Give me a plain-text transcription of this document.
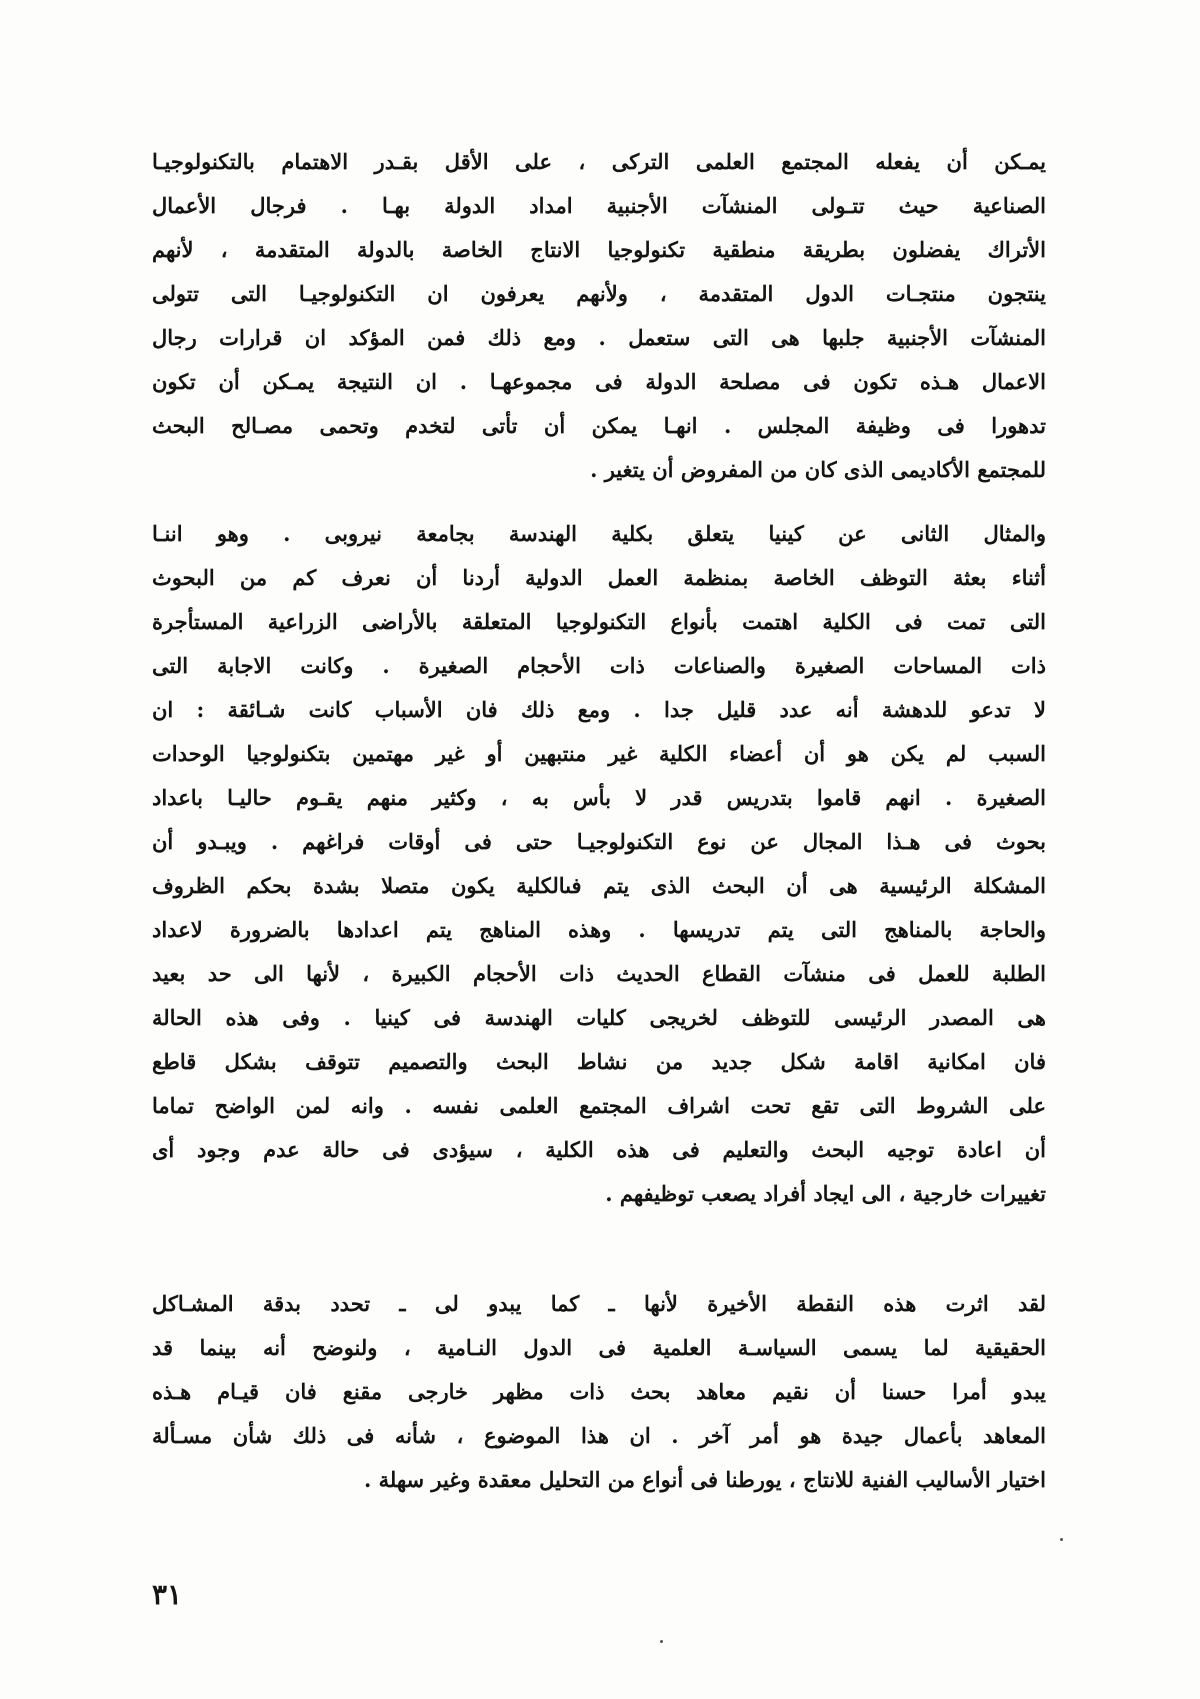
يمـكن أن يفعله المجتمع العلمى التركى ، على الأقل بقـدر الاهتمام بالتكنولوجيـا
الصناعية حيث تتـولى المنشآت الأجنبية امداد الدولة بهـا . فرجال الأعمال
الأتراك يفضلون بطريقة منطقية تكنولوجيا الانتاج الخاصة بالدولة المتقدمة ، لأنهم
ينتجون منتجـات الدول المتقدمة ، ولأنهم يعرفون ان التكنولوجيـا التى تتولى
المنشآت الأجنبية جلبها هى التى ستعمل . ومع ذلك فمن المؤكد ان قرارات رجال
الاعمال هـذه تكون فى مصلحة الدولة فى مجموعهـا . ان النتيجة يمـكن أن تكون
تدهورا فى وظيفة المجلس . انهـا يمكن أن تأتى لتخدم وتحمى مصـالح البحث
للمجتمع الأكاديمى الذى كان من المفروض أن يتغير .
والمثال الثانى عن كينيا يتعلق بكلية الهندسة بجامعة نيروبى . وهو اننـا
أثناء بعثة التوظف الخاصة بمنظمة العمل الدولية أردنا أن نعرف كم من البحوث
التى تمت فى الكلية اهتمت بأنواع التكنولوجيا المتعلقة بالأراضى الزراعية المستأجرة
ذات المساحات الصغيرة والصناعات ذات الأحجام الصغيرة . وكانت الاجابة التى
لا تدعو للدهشة أنه عدد قليل جدا . ومع ذلك فان الأسباب كانت شـائقة : ان
السبب لم يكن هو أن أعضاء الكلية غير منتبهين أو غير مهتمين بتكنولوجيا الوحدات
الصغيرة . انهم قاموا بتدريس قدر لا بأس به ، وكثير منهم يقـوم حاليـا باعداد
بحوث فى هـذا المجال عن نوع التكنولوجيـا حتى فى أوقات فراغهم . ويبـدو أن
المشكلة الرئيسية هى أن البحث الذى يتم فىالكلية يكون متصلا بشدة بحكم الظروف
والحاجة بالمناهج التى يتم تدريسها . وهذه المناهج يتم اعدادها بالضرورة لاعداد
الطلبة للعمل فى منشآت القطاع الحديث ذات الأحجام الكبيرة ، لأنها الى حد بعيد
هى المصدر الرئيسى للتوظف لخريجى كليات الهندسة فى كينيا . وفى هذه الحالة
فان امكانية اقامة شكل جديد من نشاط البحث والتصميم تتوقف بشكل قاطع
على الشروط التى تقع تحت اشراف المجتمع العلمى نفسه . وانه لمن الواضح تماما
أن اعادة توجيه البحث والتعليم فى هذه الكلية ، سيؤدى فى حالة عدم وجود أى
تغييرات خارجية ، الى ايجاد أفراد يصعب توظيفهم .
لقد اثرت هذه النقطة الأخيرة لأنها ـ كما يبدو لى ـ تحدد بدقة المشـاكل
الحقيقية لما يسمى السياسـة العلمية فى الدول النـامية ، ولنوضح أنه بينما قد
يبدو أمرا حسنا أن نقيم معاهد بحث ذات مظهر خارجى مقنع فان قيـام هـذه
المعاهد بأعمال جيدة هو أمر آخر . ان هذا الموضوع ، شأنه فى ذلك شأن مسـألة
اختيار الأساليب الفنية للانتاج ، يورطنا فى أنواع من التحليل معقدة وغير سهلة .
٣١
